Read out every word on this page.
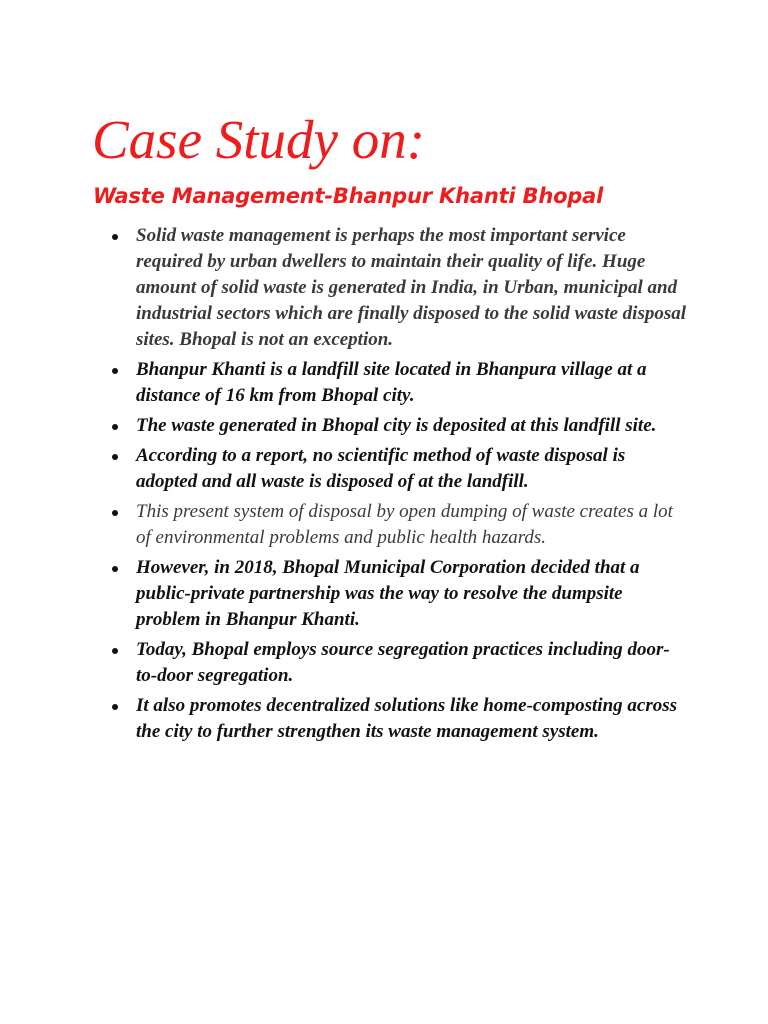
Case Study on:
Waste Management-Bhanpur Khanti Bhopal
Solid waste management is perhaps the most important service required by urban dwellers to maintain their quality of life. Huge amount of solid waste is generated in India, in Urban, municipal and industrial sectors which are finally disposed to the solid waste disposal sites. Bhopal is not an exception.
Bhanpur Khanti is a landfill site located in Bhanpura village at a distance of 16 km from Bhopal city.
The waste generated in Bhopal city is deposited at this landfill site.
According to a report, no scientific method of waste disposal is adopted and all waste is disposed of at the landfill.
This present system of disposal by open dumping of waste creates a lot of environmental problems and public health hazards.
However, in 2018, Bhopal Municipal Corporation decided that a public-private partnership was the way to resolve the dumpsite problem in Bhanpur Khanti.
Today, Bhopal employs source segregation practices including door-to-door segregation.
It also promotes decentralized solutions like home-composting across the city to further strengthen its waste management system.
